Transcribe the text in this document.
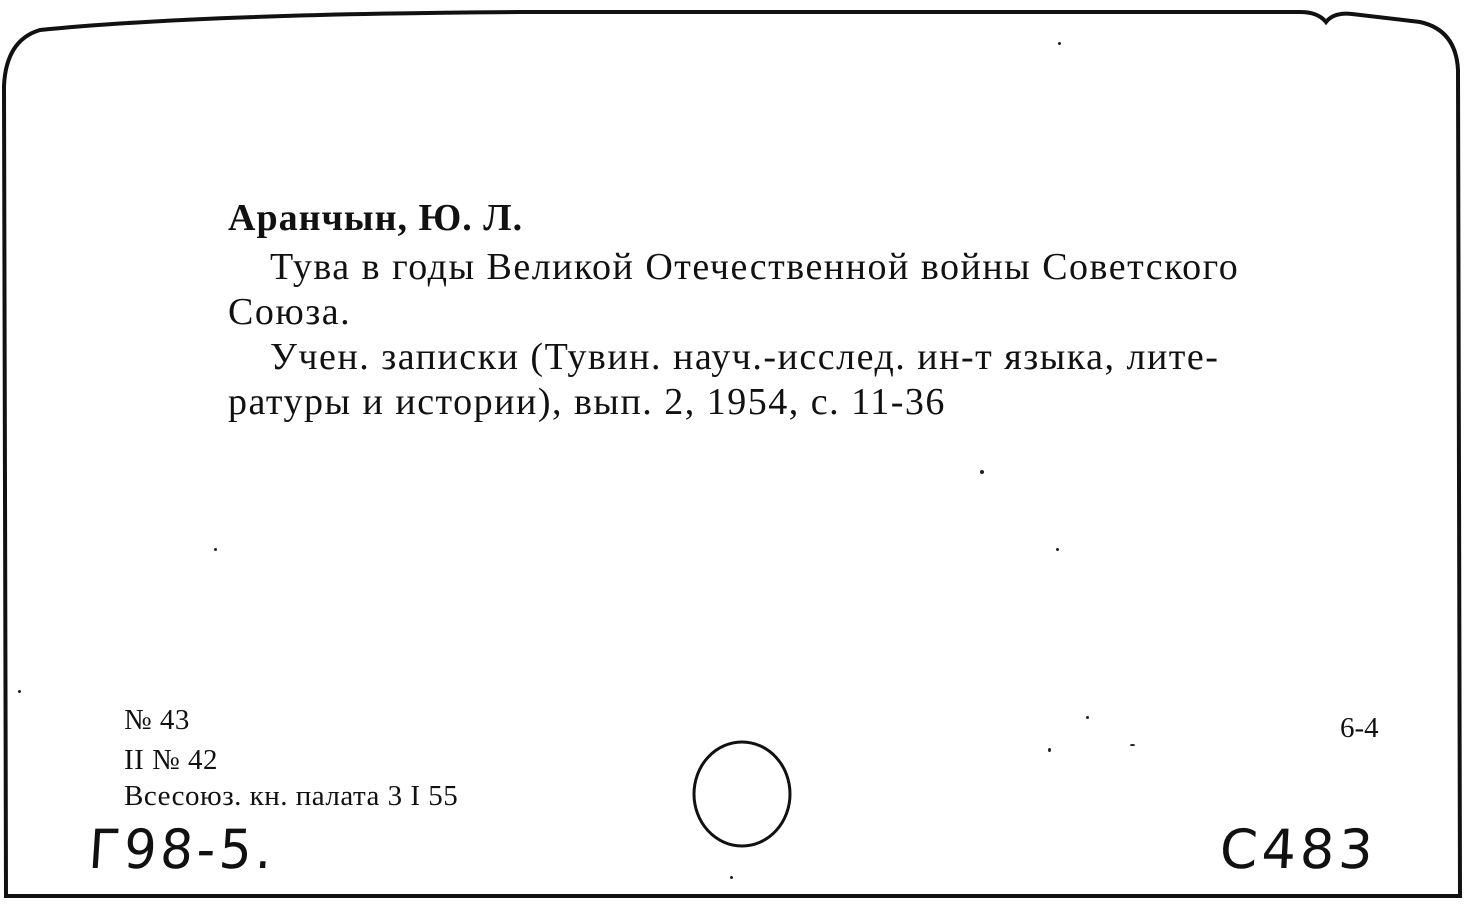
Аранчын, Ю. Л.
Тува в годы Великой Отечественной войны Советского
Союза.
Учен. записки (Тувин. науч.-исслед. ин-т языка, лите-
ратуры и истории), вып. 2, 1954, с. 11-36
№ 43
II № 42
Всесоюз. кн. палата 3 I 55
6-4
Г98-5.	С483
